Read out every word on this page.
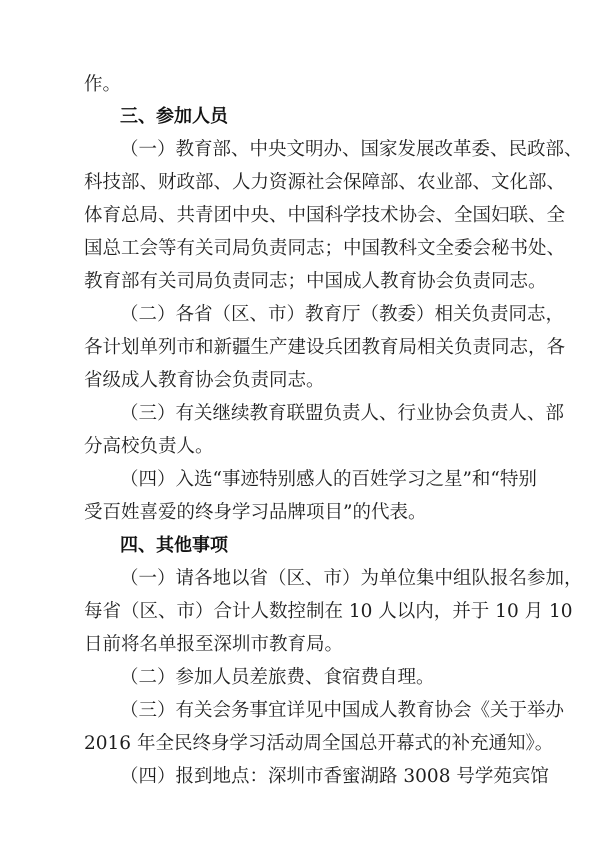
作。
三、参加人员
（一）教育部、中央文明办、国家发展改革委、民政部、
科技部、财政部、人力资源社会保障部、农业部、文化部、
体育总局、共青团中央、中国科学技术协会、全国妇联、全
国总工会等有关司局负责同志；中国教科文全委会秘书处、
教育部有关司局负责同志；中国成人教育协会负责同志。
（二）各省（区、市）教育厅（教委）相关负责同志，
各计划单列市和新疆生产建设兵团教育局相关负责同志，各
省级成人教育协会负责同志。
（三）有关继续教育联盟负责人、行业协会负责人、部
分高校负责人。
（四）入选“事迹特别感人的百姓学习之星”和“特别
受百姓喜爱的终身学习品牌项目”的代表。
四、其他事项
（一）请各地以省（区、市）为单位集中组队报名参加，
每省（区、市）合计人数控制在 10 人以内，并于 10 月 10
日前将名单报至深圳市教育局。
（二）参加人员差旅费、食宿费自理。
（三）有关会务事宜详见中国成人教育协会《关于举办
2016 年全民终身学习活动周全国总开幕式的补充通知》。
（四）报到地点：深圳市香蜜湖路 3008 号学苑宾馆
